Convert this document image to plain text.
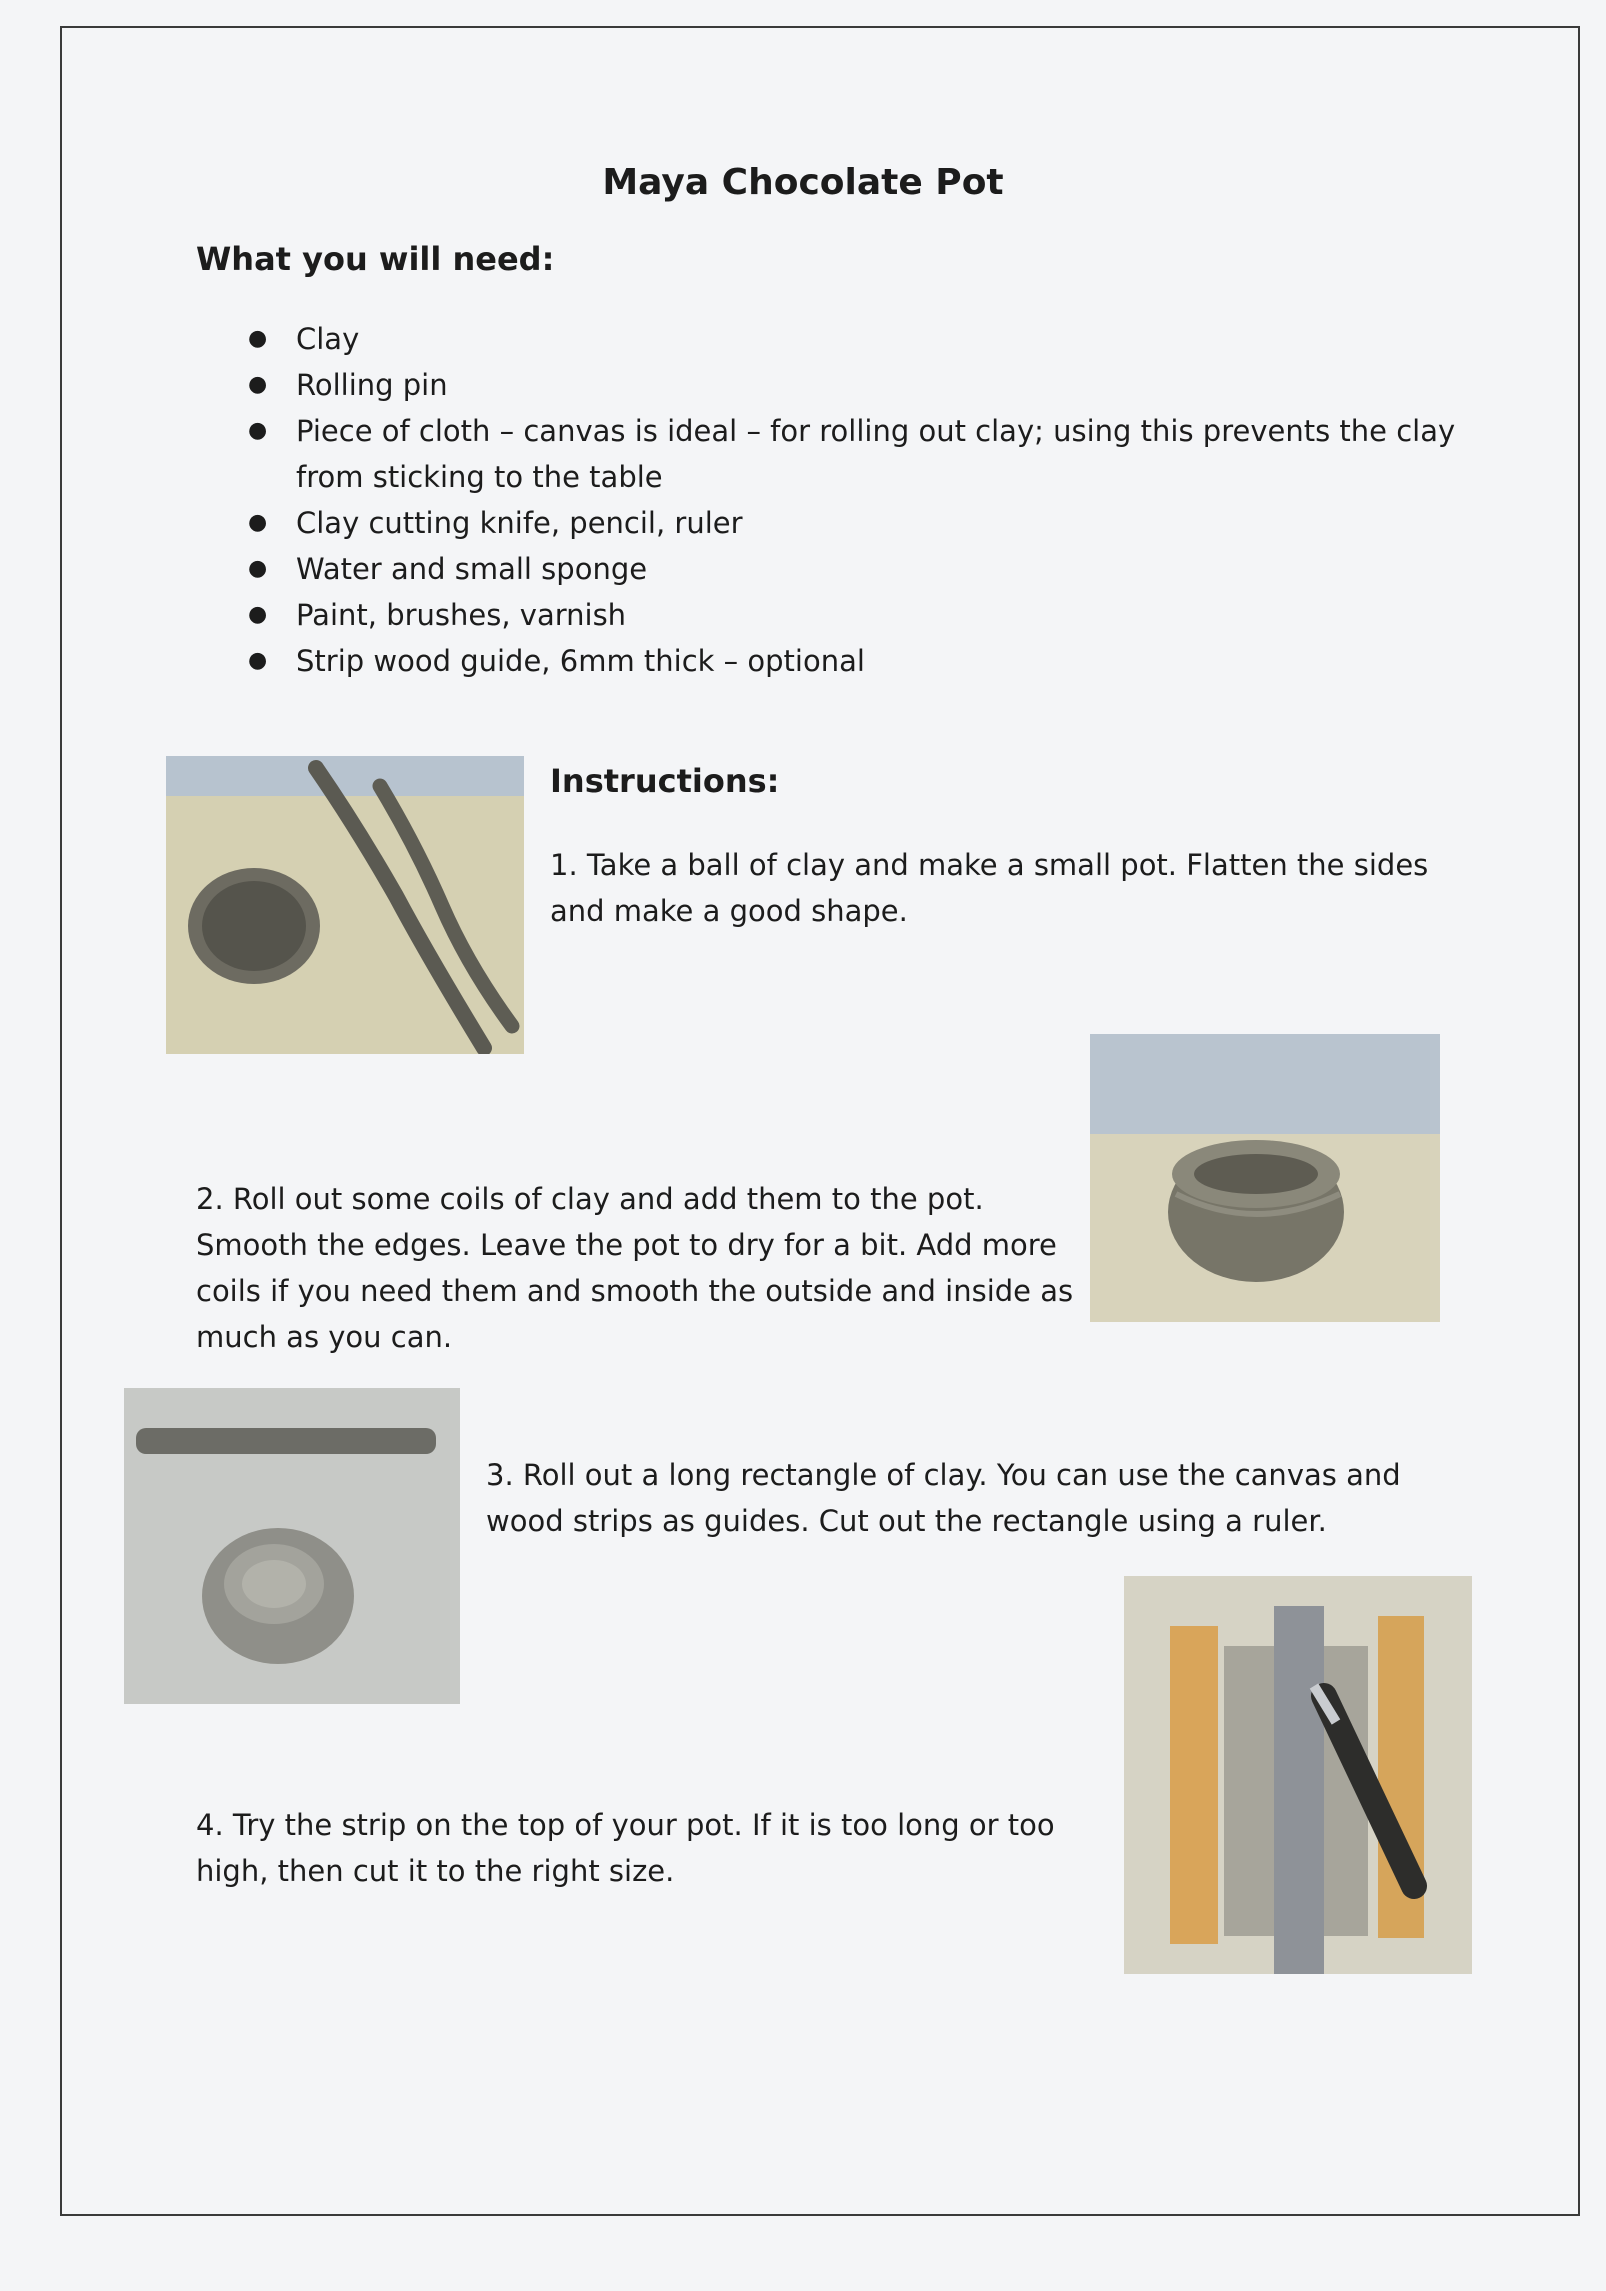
Maya Chocolate Pot
What you will need:
● Clay
● Rolling pin
● Piece of cloth – canvas is ideal – for rolling out clay; using this prevents the clay from sticking to the table
● Clay cutting knife, pencil, ruler
● Water and small sponge
● Paint, brushes, varnish
● Strip wood guide, 6mm thick – optional
Instructions:

1. Take a ball of clay and make a small pot. Flatten the sides and make a good shape.

2. Roll out some coils of clay and add them to the pot. Smooth the edges. Leave the pot to dry for a bit. Add more coils if you need them and smooth the outside and inside as much as you can.

3. Roll out a long rectangle of clay. You can use the canvas and wood strips as guides. Cut out the rectangle using a ruler.

4. Try the strip on the top of your pot. If it is too long or too high, then cut it to the right size.
